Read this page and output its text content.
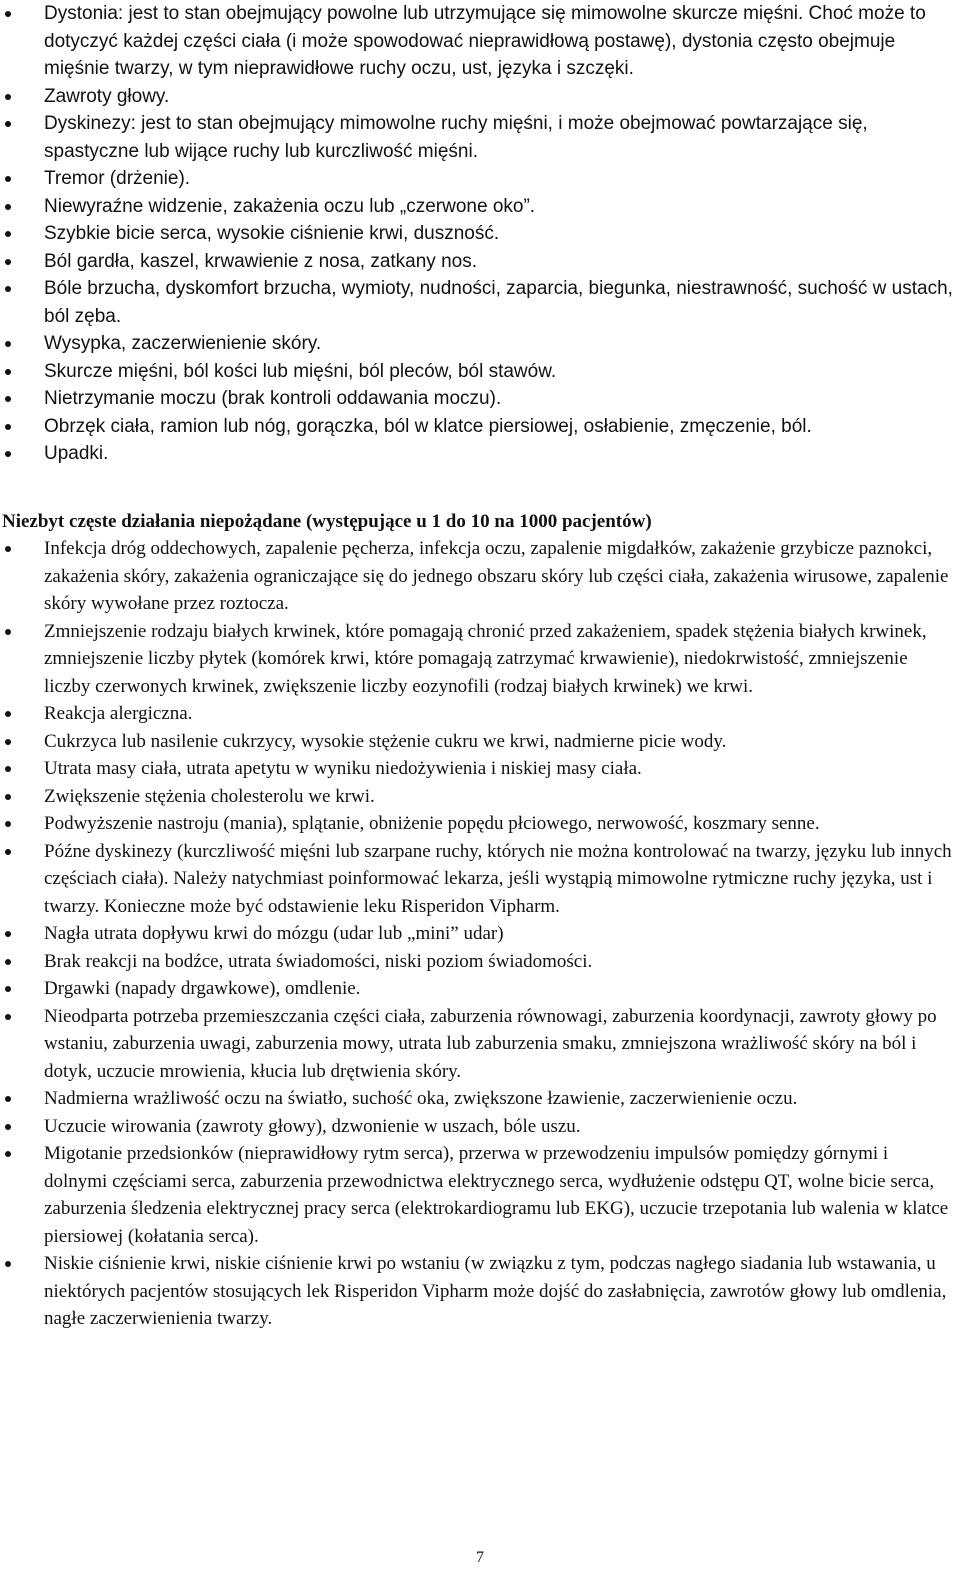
Dystonia: jest to stan obejmujący powolne lub utrzymujące się mimowolne skurcze mięśni. Choć może to dotyczyć każdej części ciała (i może spowodować nieprawidłową postawę), dystonia często obejmuje mięśnie twarzy, w tym nieprawidłowe ruchy oczu, ust, języka i szczęki.
Zawroty głowy.
Dyskinezy: jest to stan obejmujący mimowolne ruchy mięśni, i może obejmować powtarzające się, spastyczne lub wijące ruchy lub kurczliwość mięśni.
Tremor (drżenie).
Niewyraźne widzenie, zakażenia oczu lub „czerwone oko”.
Szybkie bicie serca, wysokie ciśnienie krwi, duszność.
Ból gardła, kaszel, krwawienie z nosa, zatkany nos.
Bóle brzucha, dyskomfort brzucha, wymioty, nudności, zaparcia, biegunka, niestrawność, suchość w ustach, ból zęba.
Wysypka, zaczerwienienie skóry.
Skurcze mięśni, ból kości lub mięśni, ból pleców, ból stawów.
Nietrzymanie moczu (brak kontroli oddawania moczu).
Obrzęk ciała, ramion lub nóg, gorączka, ból w klatce piersiowej, osłabienie, zmęczenie, ból.
Upadki.
Niezbyt częste działania niepożądane (występujące u 1 do 10 na 1000 pacjentów)
Infekcja dróg oddechowych, zapalenie pęcherza, infekcja oczu, zapalenie migdałków, zakażenie grzybicze paznokci, zakażenia skóry, zakażenia ograniczające się do jednego obszaru skóry lub części ciała, zakażenia wirusowe, zapalenie skóry wywołane przez roztocza.
Zmniejszenie rodzaju białych krwinek, które pomagają chronić przed zakażeniem, spadek stężenia białych krwinek, zmniejszenie liczby płytek (komórek krwi, które pomagają zatrzymać krwawienie), niedokrwistość, zmniejszenie liczby czerwonych krwinek, zwiększenie liczby eozynofili (rodzaj białych krwinek) we krwi.
Reakcja alergiczna.
Cukrzyca lub nasilenie cukrzycy, wysokie stężenie cukru we krwi, nadmierne picie wody.
Utrata masy ciała, utrata apetytu w wyniku niedożywienia i niskiej masy ciała.
Zwiększenie stężenia cholesterolu we krwi.
Podwyższenie nastroju (mania), splątanie, obniżenie popędu płciowego, nerwowość, koszmary senne.
Późne dyskinezy (kurczliwość mięśni lub szarpane ruchy, których nie można kontrolować na twarzy, języku lub innych częściach ciała). Należy natychmiast poinformować lekarza, jeśli wystąpią mimowolne rytmiczne ruchy języka, ust i twarzy. Konieczne może być odstawienie leku Risperidon Vipharm.
Nagła utrata dopływu krwi do mózgu (udar lub „mini” udar)
Brak reakcji na bodźce, utrata świadomości, niski poziom świadomości.
Drgawki (napady drgawkowe), omdlenie.
Nieodparta potrzeba przemieszczania części ciała, zaburzenia równowagi, zaburzenia koordynacji, zawroty głowy po wstaniu, zaburzenia uwagi, zaburzenia mowy, utrata lub zaburzenia smaku, zmniejszona wrażliwość skóry na ból i dotyk, uczucie mrowienia, kłucia lub drętwienia skóry.
Nadmierna wrażliwość oczu na światło, suchość oka, zwiększone łzawienie, zaczerwienienie oczu.
Uczucie wirowania (zawroty głowy), dzwonienie w uszach, bóle uszu.
Migotanie przedsionków (nieprawidłowy rytm serca), przerwa w przewodzeniu impulsów pomiędzy górnymi i dolnymi częściami serca, zaburzenia przewodnictwa elektrycznego serca, wydłużenie odstępu QT, wolne bicie serca, zaburzenia śledzenia elektrycznej pracy serca (elektrokardiogramu lub EKG), uczucie trzepotania lub walenia w klatce piersiowej (kołatania serca).
Niskie ciśnienie krwi, niskie ciśnienie krwi po wstaniu (w związku z tym, podczas nagłego siadania lub wstawania, u niektórych pacjentów stosujących lek Risperidon Vipharm może dojść do zasłabnięcia, zawrotów głowy lub omdlenia, nagłe zaczerwienienia twarzy.
7
